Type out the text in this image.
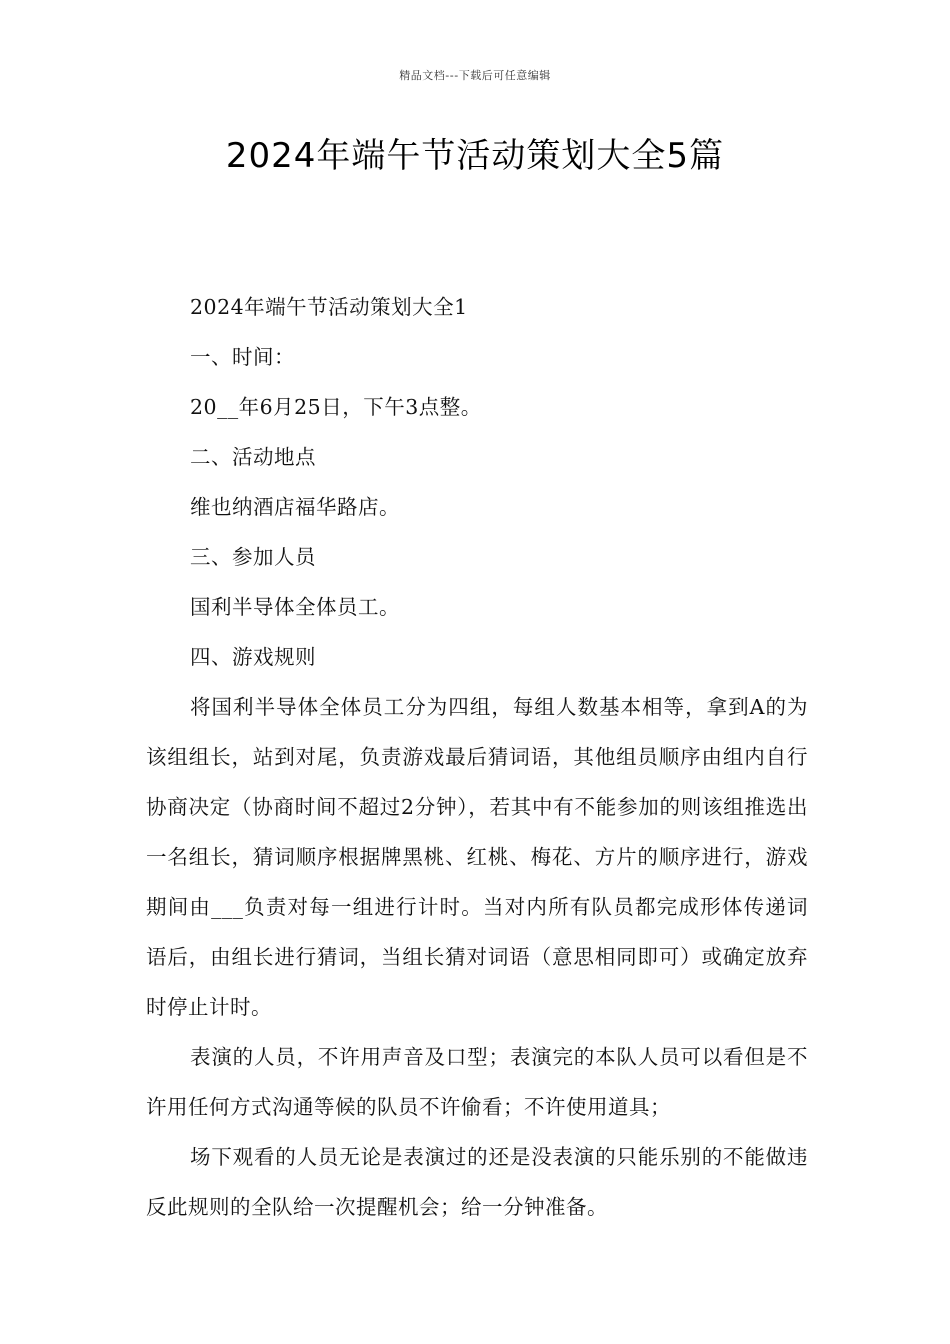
精品文档---下载后可任意编辑
2024年端午节活动策划大全5篇

2024年端午节活动策划大全1

一、时间：

20__年6月25日，下午3点整。

二、活动地点

维也纳酒店福华路店。

三、参加人员

国利半导体全体员工。

四、游戏规则

将国利半导体全体员工分为四组，每组人数基本相等，拿到A的为该组组长，站到对尾，负责游戏最后猜词语，其他组员顺序由组内自行协商决定（协商时间不超过2分钟），若其中有不能参加的则该组推选出一名组长，猜词顺序根据牌黑桃、红桃、梅花、方片的顺序进行，游戏期间由___负责对每一组进行计时。当对内所有队员都完成形体传递词语后，由组长进行猜词，当组长猜对词语（意思相同即可）或确定放弃时停止计时。

表演的人员，不许用声音及口型；表演完的本队人员可以看但是不许用任何方式沟通等候的队员不许偷看；不许使用道具；

场下观看的人员无论是表演过的还是没表演的只能乐别的不能做违反此规则的全队给一次提醒机会；给一分钟准备。
